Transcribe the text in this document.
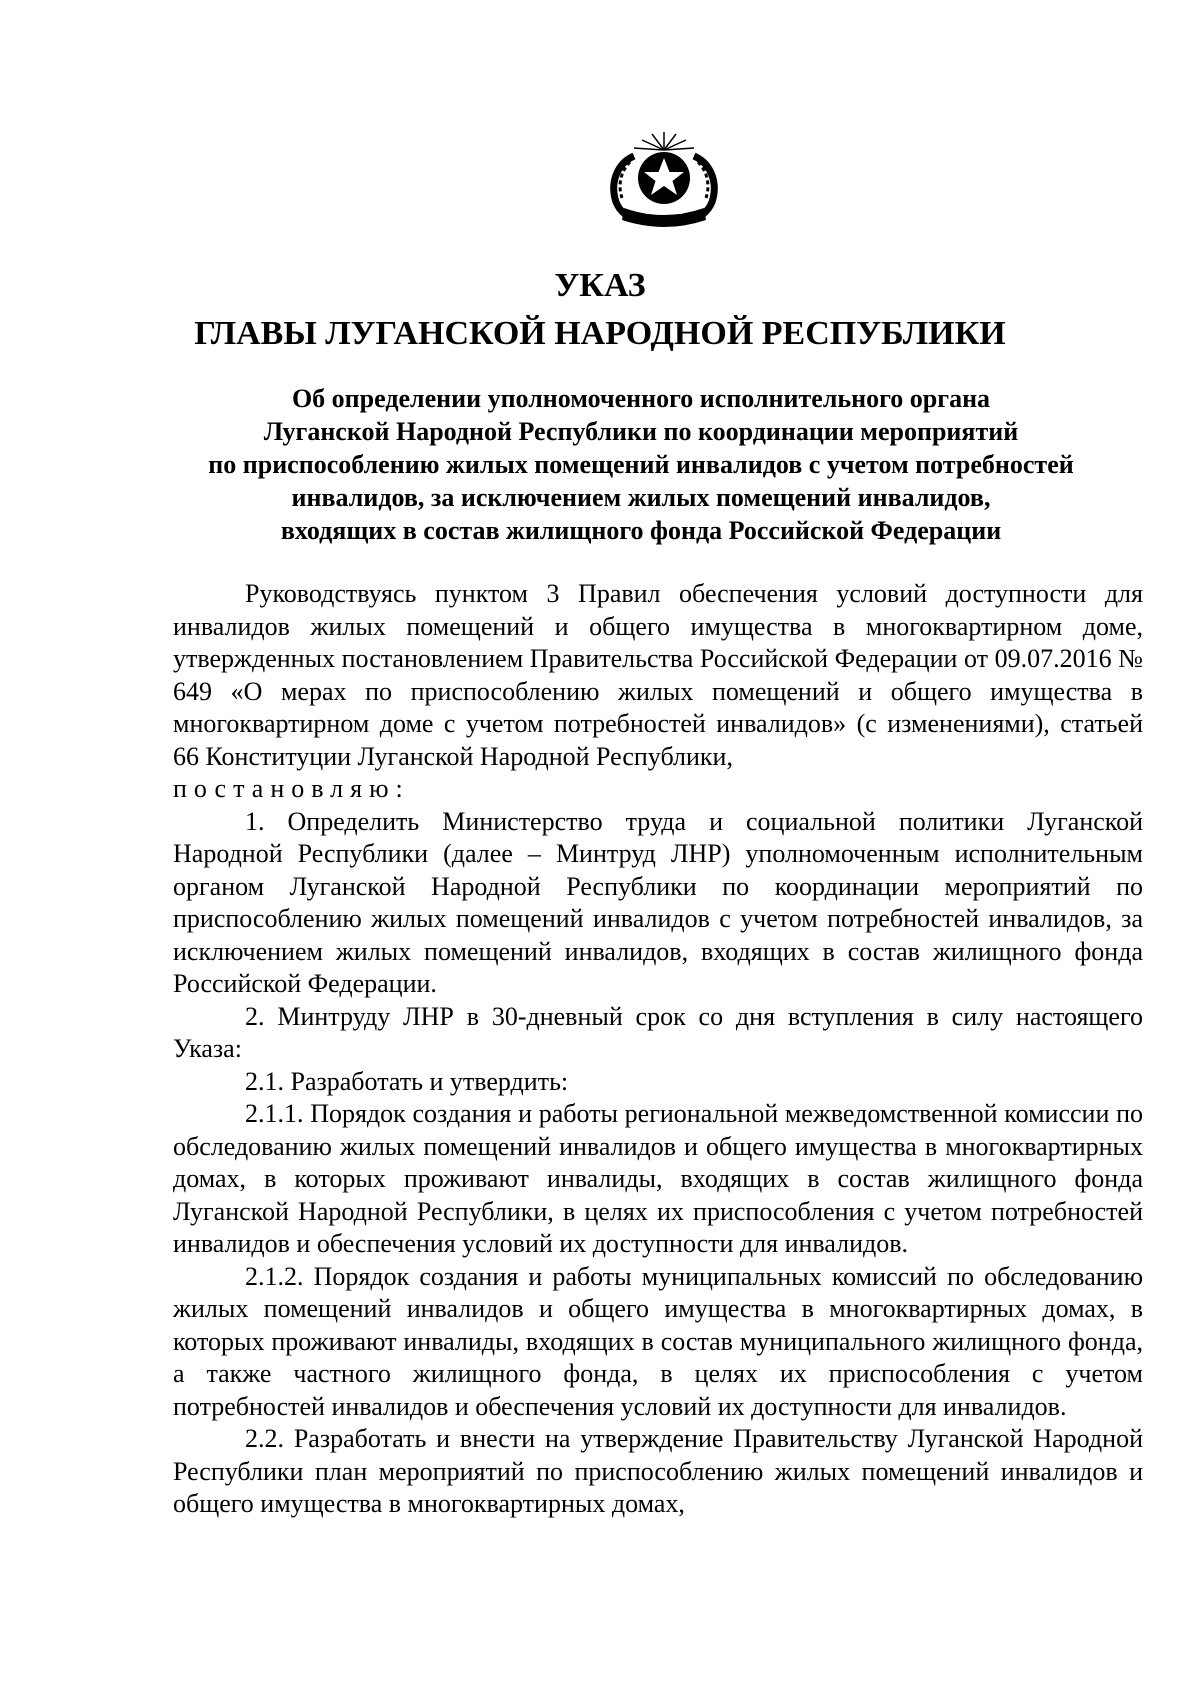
УКАЗ
ГЛАВЫ ЛУГАНСКОЙ НАРОДНОЙ РЕСПУБЛИКИ
Об определении уполномоченного исполнительного органа
Луганской Народной Республики по координации мероприятий
по приспособлению жилых помещений инвалидов с учетом потребностей
инвалидов, за исключением жилых помещений инвалидов,
входящих в состав жилищного фонда Российской Федерации

Руководствуясь пунктом 3 Правил обеспечения условий доступности для инвалидов жилых помещений и общего имущества в многоквартирном доме, утвержденных постановлением Правительства Российской Федерации от 09.07.2016 № 649 «О мерах по приспособлению жилых помещений и общего имущества в многоквартирном доме с учетом потребностей инвалидов» (с изменениями), статьей 66 Конституции Луганской Народной Республики,

постановляю:

1. Определить Министерство труда и социальной политики Луганской Народной Республики (далее – Минтруд ЛНР) уполномоченным исполнительным органом Луганской Народной Республики по координации мероприятий по приспособлению жилых помещений инвалидов с учетом потребностей инвалидов, за исключением жилых помещений инвалидов, входящих в состав жилищного фонда Российской Федерации.

2. Минтруду ЛНР в 30-дневный срок со дня вступления в силу настоящего Указа:

2.1. Разработать и утвердить:

2.1.1. Порядок создания и работы региональной межведомственной комиссии по обследованию жилых помещений инвалидов и общего имущества в многоквартирных домах, в которых проживают инвалиды, входящих в состав жилищного фонда Луганской Народной Республики, в целях их приспособления с учетом потребностей инвалидов и обеспечения условий их доступности для инвалидов.

2.1.2. Порядок создания и работы муниципальных комиссий по обследованию жилых помещений инвалидов и общего имущества в многоквартирных домах, в которых проживают инвалиды, входящих в состав муниципального жилищного фонда, а также частного жилищного фонда, в целях их приспособления с учетом потребностей инвалидов и обеспечения условий их доступности для инвалидов.

2.2. Разработать и внести на утверждение Правительству Луганской Народной Республики план мероприятий по приспособлению жилых помещений инвалидов и общего имущества в многоквартирных домах,
